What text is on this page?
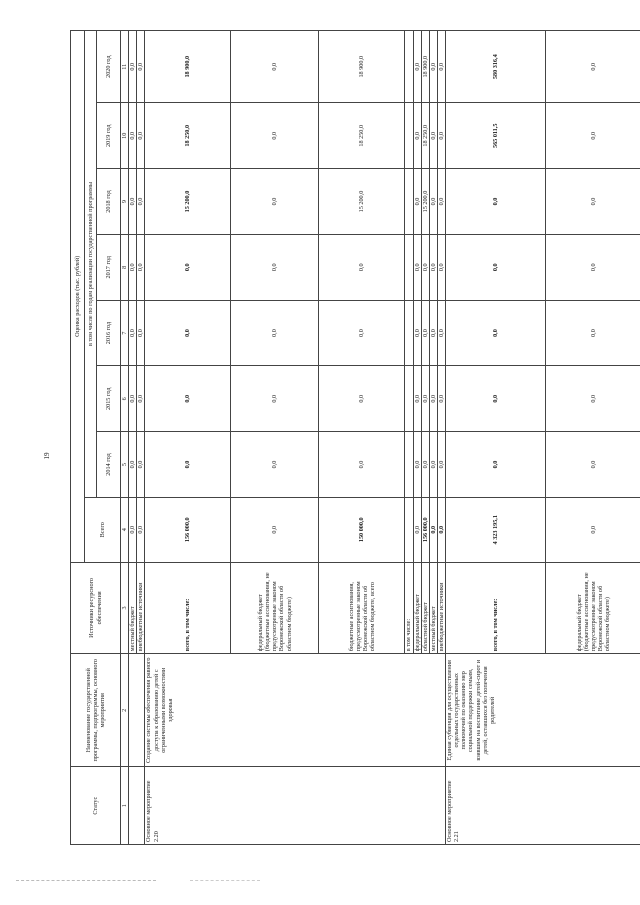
19
Статус	Наименование государственной программы, подпрограммы, основного мероприятия	Источники ресурсного обеспечения	Оценка расходов (тыс. рублей)							
			Всего	в том числе по годам реализации государственной программы						
				2014 год	2015 год	2016 год	2017 год	2018 год	2019 год	2020 год
1	2	3	4	5	6	7	8	9	10	11
		местный бюджет	0,0	0,0	0,0	0,0	0,0	0,0	0,0	0,0
		внебюджетные источники	0,0	0,0	0,0	0,0	0,0	0,0	0,0	0,0
Основное мероприятие 2.20	Создание системы обеспечения равного доступа к образованию детей с ограниченными возможностями здоровья	всего, в том числе:	156 000,0	0,0	0,0	0,0	0,0	15 200,0	18 250,0	18 900,0
		федеральный бюджет (бюджетные ассигнования, не предусмотренные законом Воронежской области об областном бюджете)	0,0	0,0	0,0	0,0	0,0	0,0	0,0	0,0
		бюджетные ассигнования, предусмотренные законом Воронежской области об областном бюджете, всего	150 000,0	0,0	0,0	0,0	0,0	15 200,0	18 250,0	18 900,0
		в том числе:								
		федеральный бюджет	0,0	0,0	0,0	0,0	0,0	0,0	0,0	0,0
		областной бюджет	156 000,0	0,0	0,0	0,0	0,0	15 200,0	18 250,0	18 900,0
		местный бюджет	0,0	0,0	0,0	0,0	0,0	0,0	0,0	0,0
		внебюджетные источники	0,0	0,0	0,0	0,0	0,0	0,0	0,0	0,0
Основное мероприятие 2.21	Единая субвенция для осуществления отдельных государственных полномочий по оказанию мер социальной поддержки семьям, взявшим на воспитание детей-сирот и детей, оставшихся без попечения родителей	всего, в том числе:	4 323 195,1	0,0	0,0	0,0	0,0	0,0	565 011,5	580 316,4
		федеральный бюджет (бюджетные ассигнования, не предусмотренные законом Воронежской области об областном бюджете)	0,0	0,0	0,0	0,0	0,0	0,0	0,0	0,0
